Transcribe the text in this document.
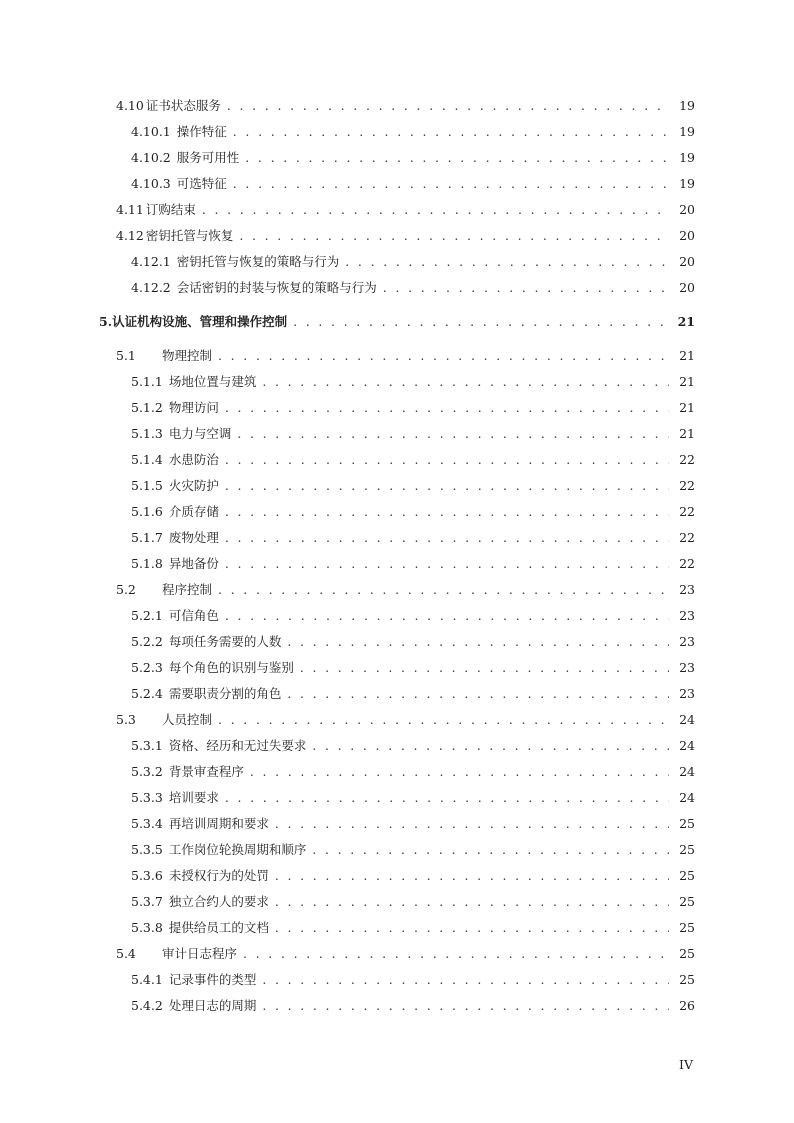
4.10 证书状态服务 . . .	19
4.10.1 操作特征 . . .	19
4.10.2 服务可用性 . . .	19
4.10.3 可选特征 . . .	19
4.11 订购结束 . . .	20
4.12 密钥托管与恢复 . . .	20
4.12.1 密钥托管与恢复的策略与行为 . . .	20
4.12.2 会话密钥的封装与恢复的策略与行为 . . .	20
5. 认证机构设施、管理和操作控制 . . .	21
5.1	物理控制 . . .	21
5.1.1 场地位置与建筑 . . .	21
5.1.2 物理访问 . . .	21
5.1.3 电力与空调 . . .	21
5.1.4 水患防治 . . .	22
5.1.5 火灾防护 . . .	22
5.1.6 介质存储 . . .	22
5.1.7 废物处理 . . .	22
5.1.8 异地备份 . . .	22
5.2	程序控制 . . .	23
5.2.1 可信角色 . . .	23
5.2.2 每项任务需要的人数 . . .	23
5.2.3 每个角色的识别与鉴别 . . .	23
5.2.4 需要职责分割的角色 . . .	23
5.3	人员控制 . . .	24
5.3.1 资格、经历和无过失要求 . . .	24
5.3.2 背景审查程序 . . .	24
5.3.3 培训要求 . . .	24
5.3.4 再培训周期和要求 . . .	25
5.3.5 工作岗位轮换周期和顺序 . . .	25
5.3.6 未授权行为的处罚 . . .	25
5.3.7 独立合约人的要求 . . .	25
5.3.8 提供给员工的文档 . . .	25
5.4	审计日志程序 . . .	25
5.4.1 记录事件的类型 . . .	25
5.4.2 处理日志的周期 . . .	26
IV
